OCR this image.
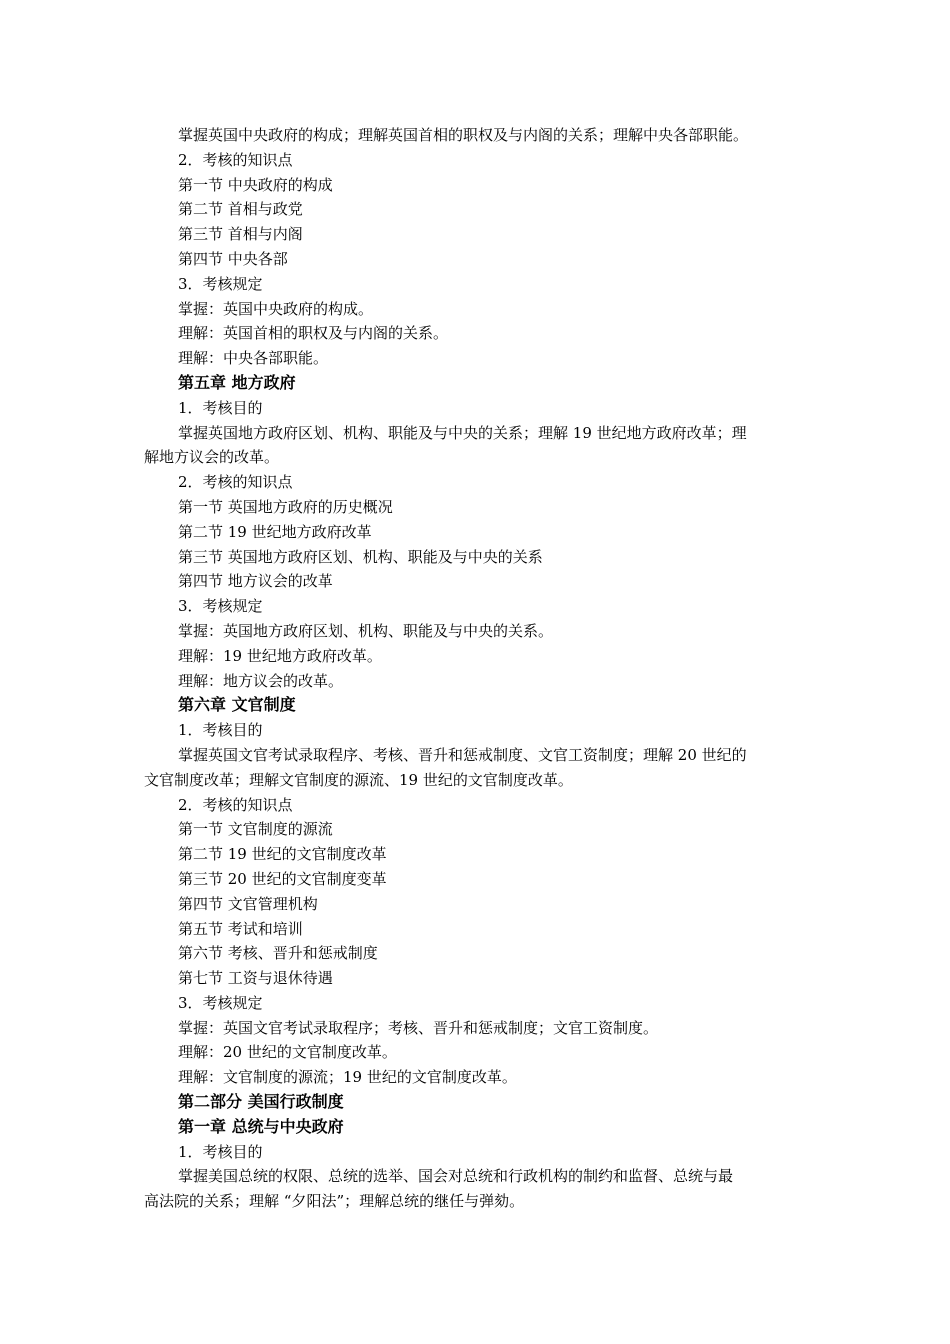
掌握英国中央政府的构成；理解英国首相的职权及与内阁的关系；理解中央各部职能。
2．考核的知识点
第一节 中央政府的构成
第二节 首相与政党
第三节 首相与内阁
第四节 中央各部
3．考核规定
掌握：英国中央政府的构成。
理解：英国首相的职权及与内阁的关系。
理解：中央各部职能。
第五章 地方政府
1．考核目的
掌握英国地方政府区划、机构、职能及与中央的关系；理解 19 世纪地方政府改革；理
解地方议会的改革。
2．考核的知识点
第一节 英国地方政府的历史概况
第二节 19 世纪地方政府改革
第三节 英国地方政府区划、机构、职能及与中央的关系
第四节 地方议会的改革
3．考核规定
掌握：英国地方政府区划、机构、职能及与中央的关系。
理解：19 世纪地方政府改革。
理解：地方议会的改革。
第六章 文官制度
1．考核目的
掌握英国文官考试录取程序、考核、晋升和惩戒制度、文官工资制度；理解 20 世纪的
文官制度改革；理解文官制度的源流、19 世纪的文官制度改革。
2．考核的知识点
第一节 文官制度的源流
第二节 19 世纪的文官制度改革
第三节 20 世纪的文官制度变革
第四节 文官管理机构
第五节 考试和培训
第六节 考核、晋升和惩戒制度
第七节 工资与退休待遇
3．考核规定
掌握：英国文官考试录取程序；考核、晋升和惩戒制度；文官工资制度。
理解：20 世纪的文官制度改革。
理解：文官制度的源流；19 世纪的文官制度改革。
第二部分 美国行政制度
第一章 总统与中央政府
1．考核目的
掌握美国总统的权限、总统的选举、国会对总统和行政机构的制约和监督、总统与最
高法院的关系；理解 “夕阳法”；理解总统的继任与弹劾。
